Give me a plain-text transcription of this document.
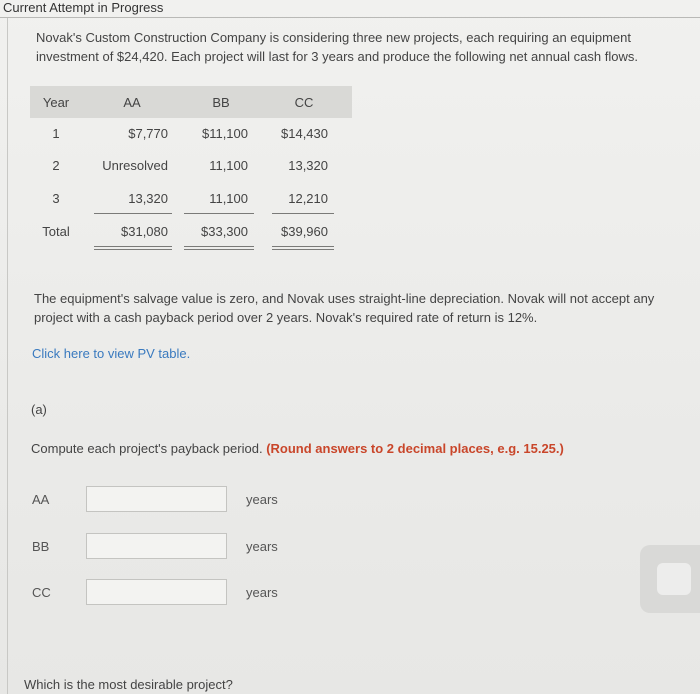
Current Attempt in Progress
Novak's Custom Construction Company is considering three new projects, each requiring an equipment investment of $24,420. Each project will last for 3 years and produce the following net annual cash flows.
Year	AA	BB	CC
1	$7,770	$11,100	$14,430
2	Unresolved	11,100	13,320
3	13,320	11,100	12,210
Total	$31,080	$33,300	$39,960
The equipment's salvage value is zero, and Novak uses straight-line depreciation. Novak will not accept any project with a cash payback period over 2 years. Novak's required rate of return is 12%.
Click here to view PV table.
(a)
Compute each project's payback period. (Round answers to 2 decimal places, e.g. 15.25.)
AA	years
BB	years
CC	years
Which is the most desirable project?
